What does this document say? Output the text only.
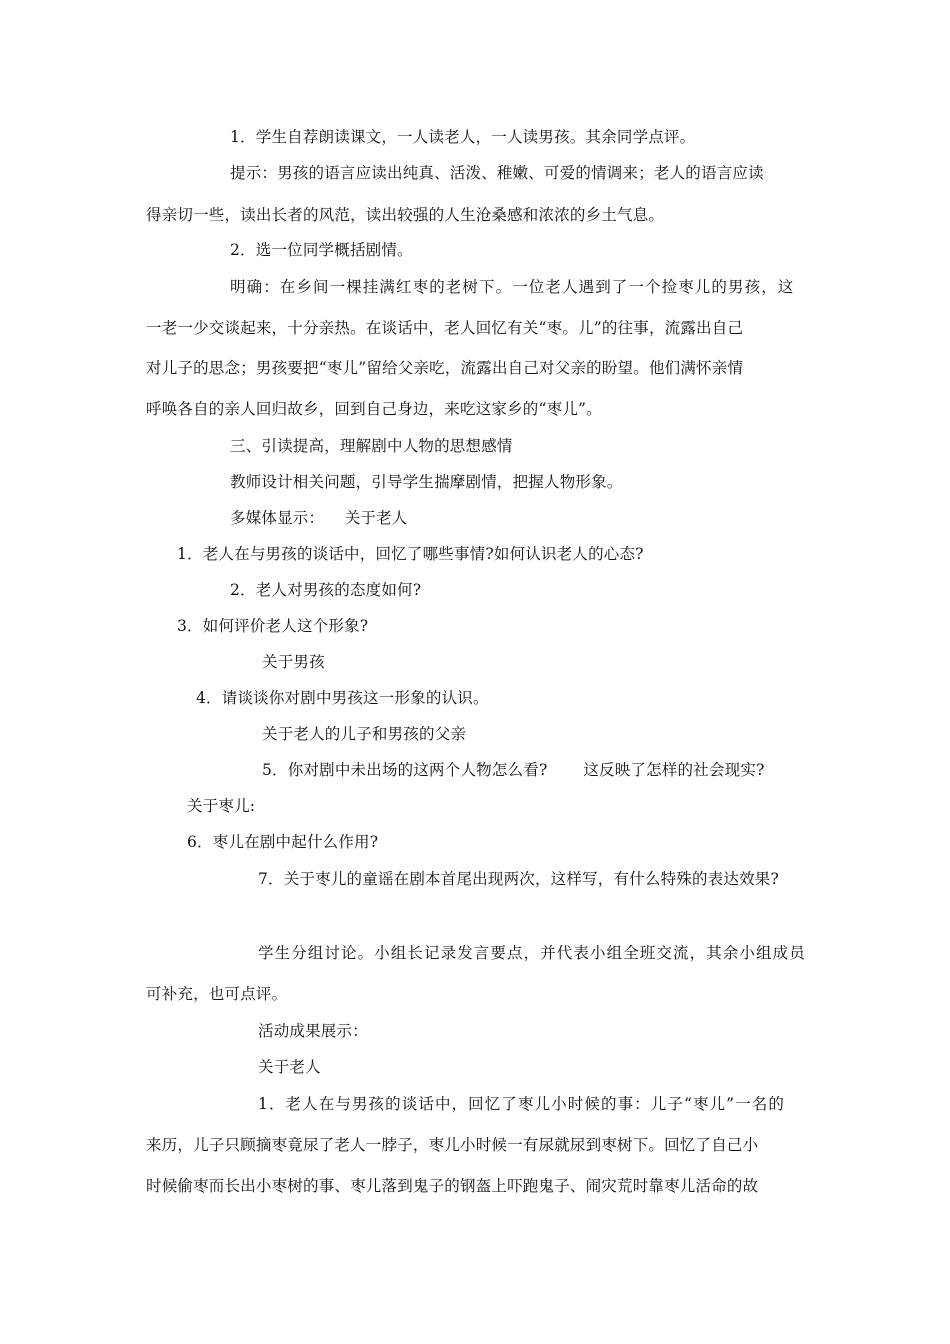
1．学生自荐朗读课文，一人读老人，一人读男孩。其余同学点评。
提示：男孩的语言应读出纯真、活泼、稚嫩、可爱的情调来；老人的语言应读
得亲切一些，读出长者的风范，读出较强的人生沧桑感和浓浓的乡土气息。
2．选一位同学概括剧情。
明确：在乡间一棵挂满红枣的老树下。一位老人遇到了一个捡枣儿的男孩，这
一老一少交谈起来，十分亲热。在谈话中，老人回忆有关“枣。儿”的往事，流露出自己
对儿子的思念；男孩要把“枣儿”留给父亲吃，流露出自己对父亲的盼望。他们满怀亲情
呼唤各自的亲人回归故乡，回到自己身边，来吃这家乡的“枣儿”。
三、引读提高，理解剧中人物的思想感情
教师设计相关问题，引导学生揣摩剧情，把握人物形象。
多媒体显示：    关于老人
1．老人在与男孩的谈话中，回忆了哪些事情?如何认识老人的心态?
2．老人对男孩的态度如何?
3．如何评价老人这个形象?
关于男孩
4．请谈谈你对剧中男孩这一形象的认识。
关于老人的儿子和男孩的父亲
5．你对剧中未出场的这两个人物怎么看?       这反映了怎样的社会现实?
关于枣儿:
6．枣儿在剧中起什么作用?
7．关于枣儿的童谣在剧本首尾出现两次，这样写，有什么特殊的表达效果?
学生分组讨论。小组长记录发言要点，并代表小组全班交流，其余小组成员
可补充，也可点评。
活动成果展示：
关于老人
1．老人在与男孩的谈话中，回忆了枣儿小时候的事：儿子“枣儿”一名的
来历，儿子只顾摘枣竟尿了老人一脖子，枣儿小时候一有尿就尿到枣树下。回忆了自己小
时候偷枣而长出小枣树的事、枣儿落到鬼子的钢盔上吓跑鬼子、闹灾荒时靠枣儿活命的故
